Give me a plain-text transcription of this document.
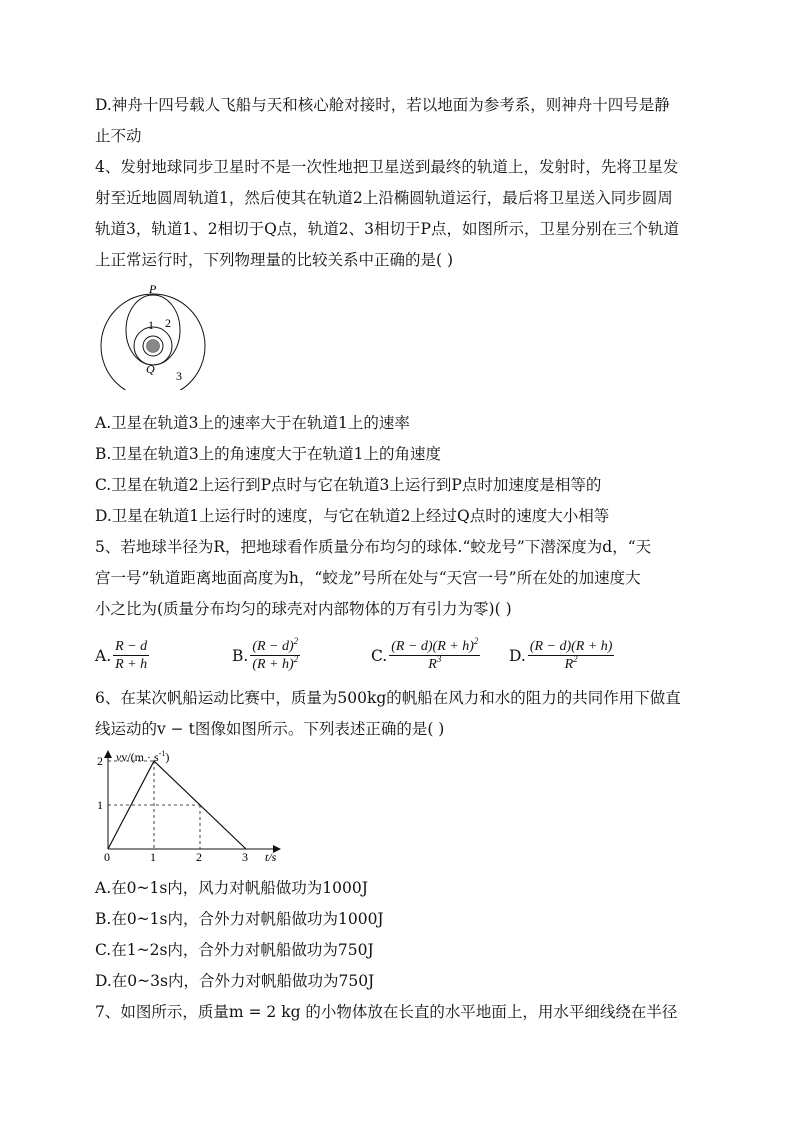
D.神舟十四号载人飞船与天和核心舱对接时，若以地面为参考系，则神舟十四号是静
止不动
4、发射地球同步卫星时不是一次性地把卫星送到最终的轨道上，发射时，先将卫星发
射至近地圆周轨道1，然后使其在轨道2上沿椭圆轨道运行，最后将卫星送入同步圆周
轨道3，轨道1、2相切于Q点，轨道2、3相切于P点，如图所示，卫星分别在三个轨道
上正常运行时，下列物理量的比较关系中正确的是( )
P
Q
1 2
3
A.卫星在轨道3上的速率大于在轨道1上的速率
B.卫星在轨道3上的角速度大于在轨道1上的角速度
C.卫星在轨道2上运行到P点时与它在轨道3上运行到P点时加速度是相等的
D.卫星在轨道1上运行时的速度，与它在轨道2上经过Q点时的速度大小相等
5、若地球半径为R，把地球看作质量分布均匀的球体.“蛟龙号”下潜深度为d，“天
宫一号”轨道距离地面高度为h，“蛟龙”号所在处与“天宫一号”所在处的加速度大
小之比为(质量分布均匀的球壳对内部物体的万有引力为零)( )
A. $\frac{R - d}{R + h}$	B. $\frac{(R - d)^2}{(R + h)^2}$	C. $\frac{(R - d)(R + h)^2}{R^3} D$. $\frac{(R - d)(R + h)}{R^2}$
6、在某次帆船运动比赛中，质量为500kg的帆船在风力和水的阻力的共同作用下做直
线运动的v − t图像如图所示。下列表述正确的是( )
$vv/(m \cdot s^{-1})$
t/s
0	1	2	3
1
2
A.在0~1s内，风力对帆船做功为1000J
B.在0~1s内，合外力对帆船做功为1000J
C.在1~2s内，合外力对帆船做功为750J
D.在0~3s内，合外力对帆船做功为750J
7、如图所示，质量m = 2 kg 的小物体放在长直的水平地面上，用水平细线绕在半径
